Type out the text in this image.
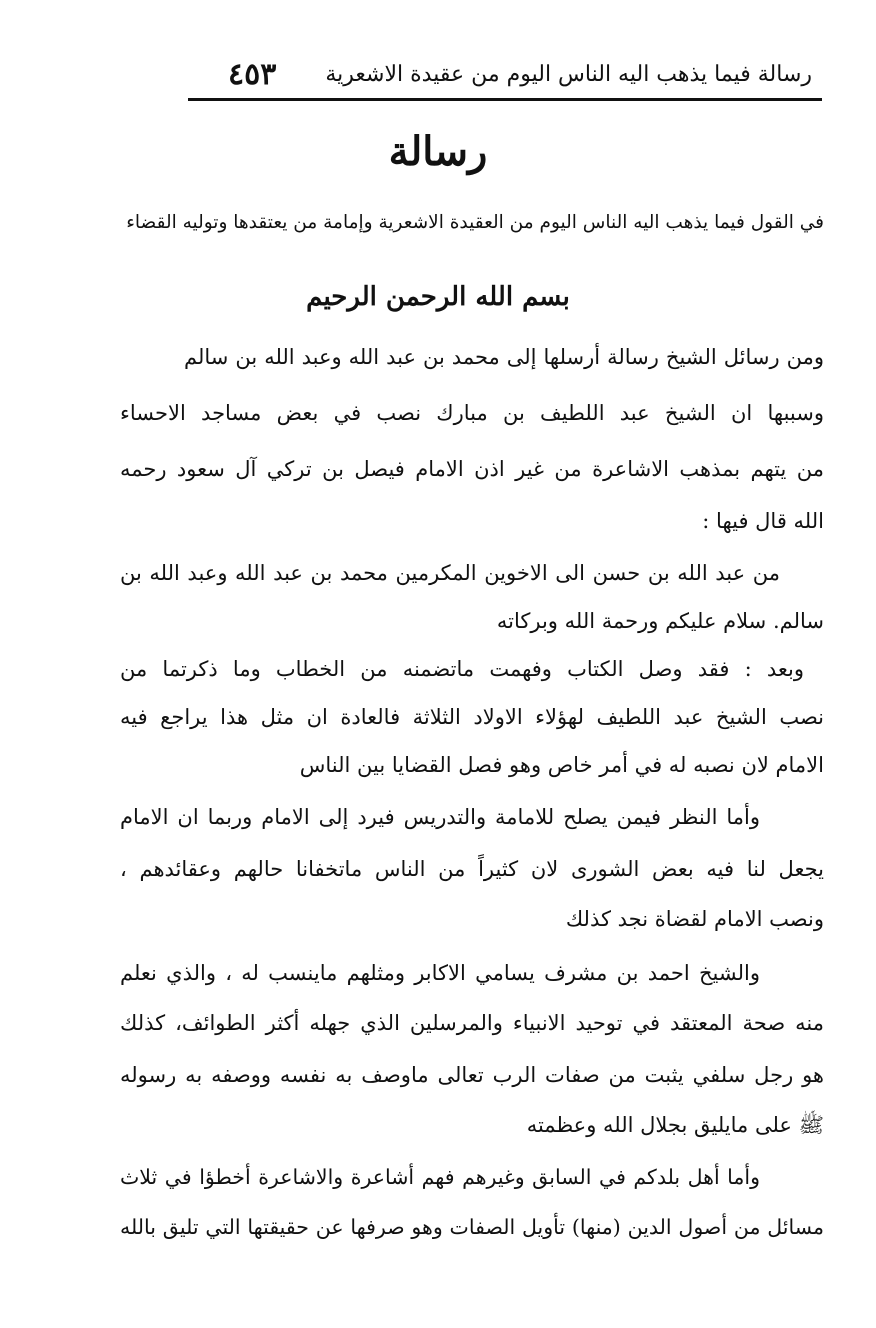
رسالة فيما يذهب اليه الناس اليوم من عقيدة الاشعرية
٤٥٣
رسالة
في القول فيما يذهب اليه الناس اليوم من العقيدة الاشعرية وإمامة من يعتقدها وتوليه القضاء
بسم الله الرحمن الرحيم
ومن رسائل الشيخ رسالة أرسلها إلى محمد بن عبد الله وعبد الله بن سالم
وسببها ان الشيخ عبد اللطيف بن مبارك نصب في بعض مساجد الاحساء
من يتهم بمذهب الاشاعرة من غير اذن الامام فيصل بن تركي آل سعود رحمه
الله قال فيها :
من عبد الله بن حسن الى الاخوين المكرمين محمد بن عبد الله وعبد الله بن
سالم. سلام عليكم ورحمة الله وبركاته
وبعد : فقد وصل الكتاب وفهمت ماتضمنه من الخطاب وما ذكرتما من
نصب الشيخ عبد اللطيف لهؤلاء الاولاد الثلاثة فالعادة ان مثل هذا يراجع فيه
الامام لان نصبه له في أمر خاص وهو فصل القضايا بين الناس
وأما النظر فيمن يصلح للامامة والتدريس فيرد إلى الامام وربما ان الامام
يجعل لنا فيه بعض الشورى لان كثيراً من الناس ماتخفانا حالهم وعقائدهم ،
ونصب الامام لقضاة نجد كذلك
والشيخ احمد بن مشرف يسامي الاكابر ومثلهم ماينسب له ، والذي نعلم
منه صحة المعتقد في توحيد الانبياء والمرسلين الذي جهله أكثر الطوائف، كذلك
هو رجل سلفي يثبت من صفات الرب تعالى ماوصف به نفسه ووصفه به رسوله
ﷺ على مايليق بجلال الله وعظمته
وأما أهل بلدكم في السابق وغيرهم فهم أشاعرة والاشاعرة أخطؤا في ثلاث
مسائل من أصول الدين (منها) تأويل الصفات وهو صرفها عن حقيقتها التي تليق بالله
